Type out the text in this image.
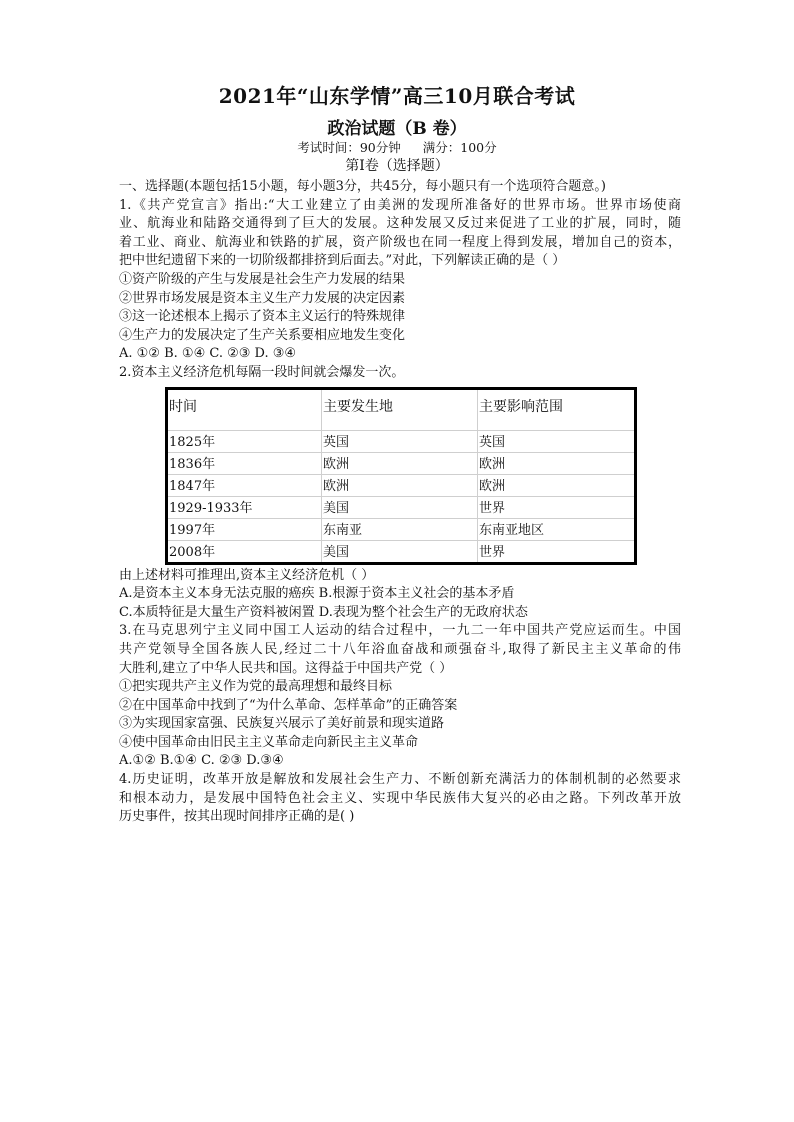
2021年“山东学情”高三10月联合考试
政治试题（B 卷）
考试时间：90分钟 满分：100分
第Ⅰ卷（选择题）
一、选择题(本题包括15小题，每小题3分，共45分，每小题只有一个选项符合题意。)
1.《共产党宣言》指出:“大工业建立了由美洲的发现所准备好的世界市场。世界市场使商
业、航海业和陆路交通得到了巨大的发展。这种发展又反过来促进了工业的扩展，同时，随
着工业、商业、航海业和铁路的扩展，资产阶级也在同一程度上得到发展，增加自己的资本，
把中世纪遗留下来的一切阶级都排挤到后面去。”对此，下列解读正确的是（ ）
①资产阶级的产生与发展是社会生产力发展的结果
②世界市场发展是资本主义生产力发展的决定因素
③这一论述根本上揭示了资本主义运行的特殊规律
④生产力的发展决定了生产关系要相应地发生变化
A. ①② B. ①④ C. ②③ D. ③④
2.资本主义经济危机每隔一段时间就会爆发一次。
时间	主要发生地	主要影响范围
1825年	英国	英国
1836年	欧洲	欧洲
1847年	欧洲	欧洲
1929-1933年	美国	世界
1997年	东南亚	东南亚地区
2008年	美国	世界
由上述材料可推理出,资本主义经济危机（ ）
A.是资本主义本身无法克服的癌疾 B.根源于资本主义社会的基本矛盾
C.本质特征是大量生产资料被闲置 D.表现为整个社会生产的无政府状态
3.在马克思列宁主义同中国工人运动的结合过程中，一九二一年中国共产党应运而生。中国
共产党领导全国各族人民,经过二十八年浴血奋战和顽强奋斗,取得了新民主主义革命的伟
大胜利,建立了中华人民共和国。这得益于中国共产党（ ）
①把实现共产主义作为党的最高理想和最终目标
②在中国革命中找到了“为什么革命、怎样革命”的正确答案
③为实现国家富强、民族复兴展示了美好前景和现实道路
④使中国革命由旧民主主义革命走向新民主主义革命
A.①② B.①④ C. ②③ D.③④
4.历史证明，改革开放是解放和发展社会生产力、不断创新充满活力的体制机制的必然要求
和根本动力，是发展中国特色社会主义、实现中华民族伟大复兴的必由之路。下列改革开放
历史事件，按其出现时间排序正确的是( )
